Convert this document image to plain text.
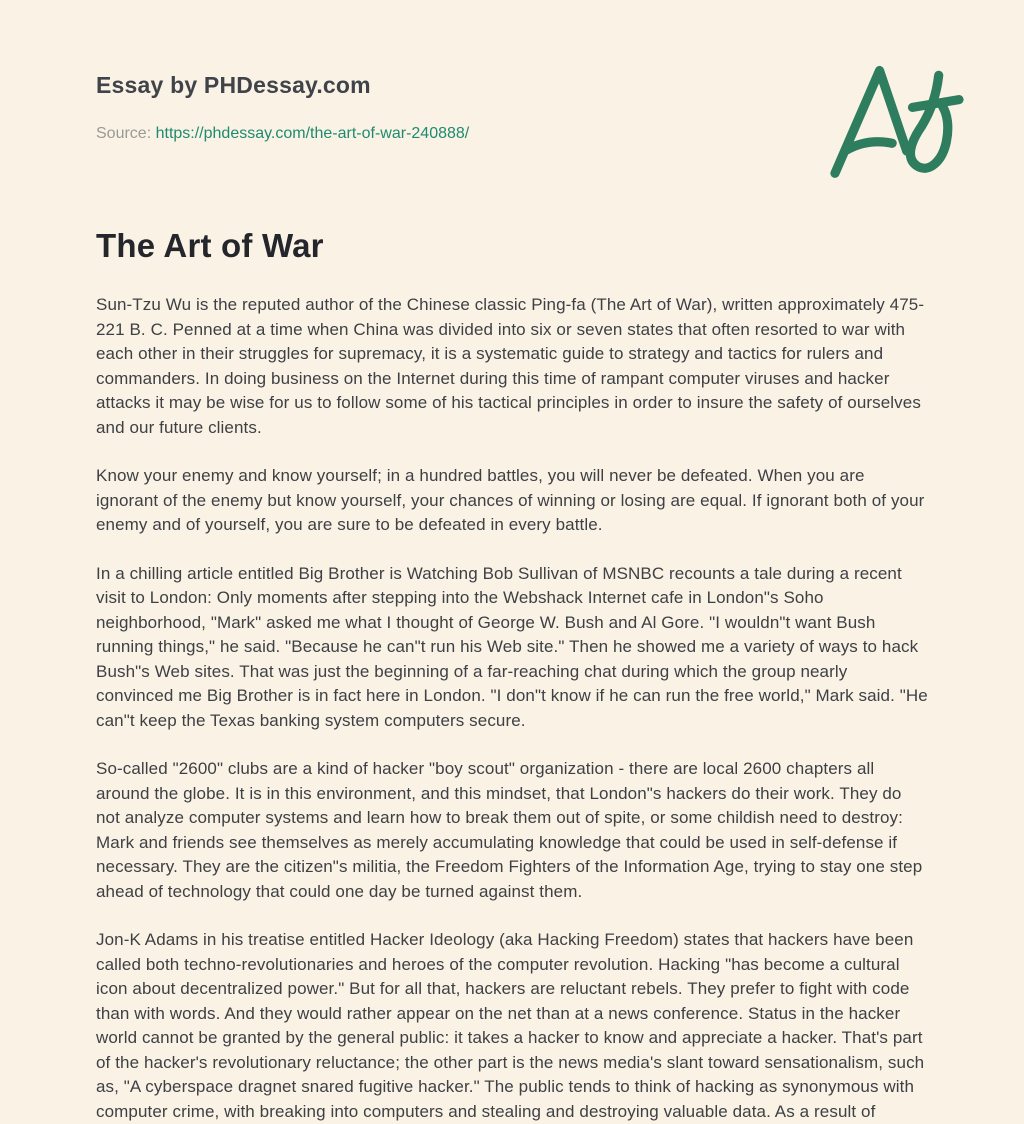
Essay by PHDessay.com
Source: https://phdessay.com/the-art-of-war-240888/
The Art of War

Sun-Tzu Wu is the reputed author of the Chinese classic Ping-fa (The Art of War), written approximately 475-221 B. C. Penned at a time when China was divided into six or seven states that often resorted to war with each other in their struggles for supremacy, it is a systematic guide to strategy and tactics for rulers and commanders. In doing business on the Internet during this time of rampant computer viruses and hacker attacks it may be wise for us to follow some of his tactical principles in order to insure the safety of ourselves and our future clients.

Know your enemy and know yourself; in a hundred battles, you will never be defeated. When you are ignorant of the enemy but know yourself, your chances of winning or losing are equal. If ignorant both of your enemy and of yourself, you are sure to be defeated in every battle.

In a chilling article entitled Big Brother is Watching Bob Sullivan of MSNBC recounts a tale during a recent visit to London: Only moments after stepping into the Webshack Internet cafe in London"s Soho neighborhood, "Mark" asked me what I thought of George W. Bush and Al Gore. "I wouldn"t want Bush running things," he said. "Because he can"t run his Web site." Then he showed me a variety of ways to hack Bush"s Web sites. That was just the beginning of a far-reaching chat during which the group nearly convinced me Big Brother is in fact here in London. "I don"t know if he can run the free world," Mark said. "He can"t keep the Texas banking system computers secure.

So-called "2600" clubs are a kind of hacker "boy scout" organization - there are local 2600 chapters all around the globe. It is in this environment, and this mindset, that London"s hackers do their work. They do not analyze computer systems and learn how to break them out of spite, or some childish need to destroy: Mark and friends see themselves as merely accumulating knowledge that could be used in self-defense if necessary. They are the citizen"s militia, the Freedom Fighters of the Information Age, trying to stay one step ahead of technology that could one day be turned against them.

Jon-K Adams in his treatise entitled Hacker Ideology (aka Hacking Freedom) states that hackers have been called both techno-revolutionaries and heroes of the computer revolution. Hacking "has become a cultural icon about decentralized power." But for all that, hackers are reluctant rebels. They prefer to fight with code than with words. And they would rather appear on the net than at a news conference. Status in the hacker world cannot be granted by the general public: it takes a hacker to know and appreciate a hacker. That's part of the hacker's revolutionary reluctance; the other part is the news media's slant toward sensationalism, such as, "A cyberspace dragnet snared fugitive hacker." The public tends to think of hacking as synonymous with computer crime, with breaking into computers and stealing and destroying valuable data. As a result of
